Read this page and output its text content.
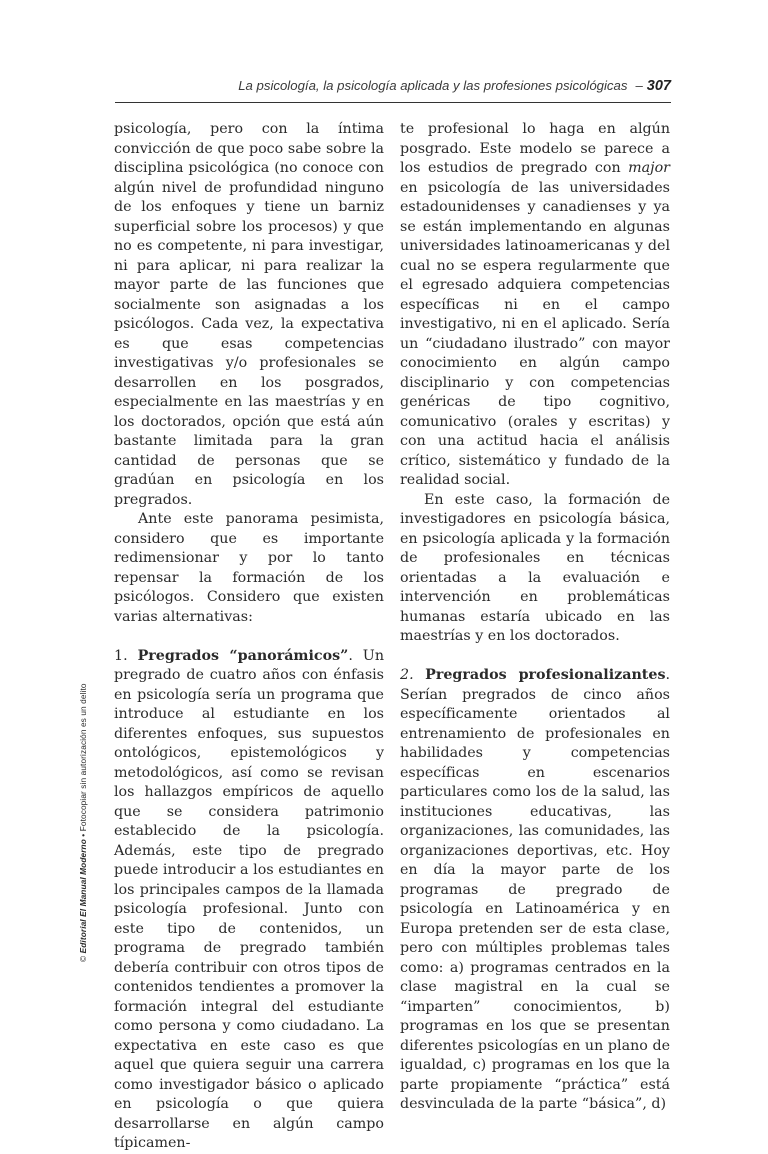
La psicología, la psicología aplicada y las profesiones psicológicas – 307
© Editorial El Manual Moderno • Fotocopiar sin autorización es un delito

psicología, pero con la íntima convicción de que poco sabe sobre la disciplina psicológica (no conoce con algún nivel de profundidad ninguno de los enfoques y tiene un barniz superficial sobre los procesos) y que no es competente, ni para investigar, ni para aplicar, ni para realizar la mayor parte de las funciones que socialmente son asignadas a los psicólogos. Cada vez, la expectativa es que esas competencias investigativas y/o profesionales se desarrollen en los posgrados, especialmente en las maestrías y en los doctorados, opción que está aún bastante limitada para la gran cantidad de personas que se gradúan en psicología en los pregrados.

Ante este panorama pesimista, considero que es importante redimensionar y por lo tanto repensar la formación de los psicólogos. Considero que existen varias alternativas:

1. Pregrados “panorámicos”. Un pregrado de cuatro años con énfasis en psicología sería un programa que introduce al estudiante en los diferentes enfoques, sus supuestos ontológicos, epistemológicos y metodológicos, así como se revisan los hallazgos empíricos de aquello que se considera patrimonio establecido de la psicología. Además, este tipo de pregrado puede introducir a los estudiantes en los principales campos de la llamada psicología profesional. Junto con este tipo de contenidos, un programa de pregrado también debería contribuir con otros tipos de contenidos tendientes a promover la formación integral del estudiante como persona y como ciudadano. La expectativa en este caso es que aquel que quiera seguir una carrera como investigador básico o aplicado en psicología o que quiera desarrollarse en algún campo típicamen-

te profesional lo haga en algún posgrado. Este modelo se parece a los estudios de pregrado con major en psicología de las universidades estadounidenses y canadienses y ya se están implementando en algunas universidades latinoamericanas y del cual no se espera regularmente que el egresado adquiera competencias específicas ni en el campo investigativo, ni en el aplicado. Sería un “ciudadano ilustrado” con mayor conocimiento en algún campo disciplinario y con competencias genéricas de tipo cognitivo, comunicativo (orales y escritas) y con una actitud hacia el análisis crítico, sistemático y fundado de la realidad social.

En este caso, la formación de investigadores en psicología básica, en psicología aplicada y la formación de profesionales en técnicas orientadas a la evaluación e intervención en problemáticas humanas estaría ubicado en las maestrías y en los doctorados.

2. Pregrados profesionalizantes. Serían pregrados de cinco años específicamente orientados al entrenamiento de profesionales en habilidades y competencias específicas en escenarios particulares como los de la salud, las instituciones educativas, las organizaciones, las comunidades, las organizaciones deportivas, etc. Hoy en día la mayor parte de los programas de pregrado de psicología en Latinoamérica y en Europa pretenden ser de esta clase, pero con múltiples problemas tales como: a) programas centrados en la clase magistral en la cual se “imparten” conocimientos, b) programas en los que se presentan diferentes psicologías en un plano de igualdad, c) programas en los que la parte propiamente “práctica” está desvinculada de la parte “básica”, d)
